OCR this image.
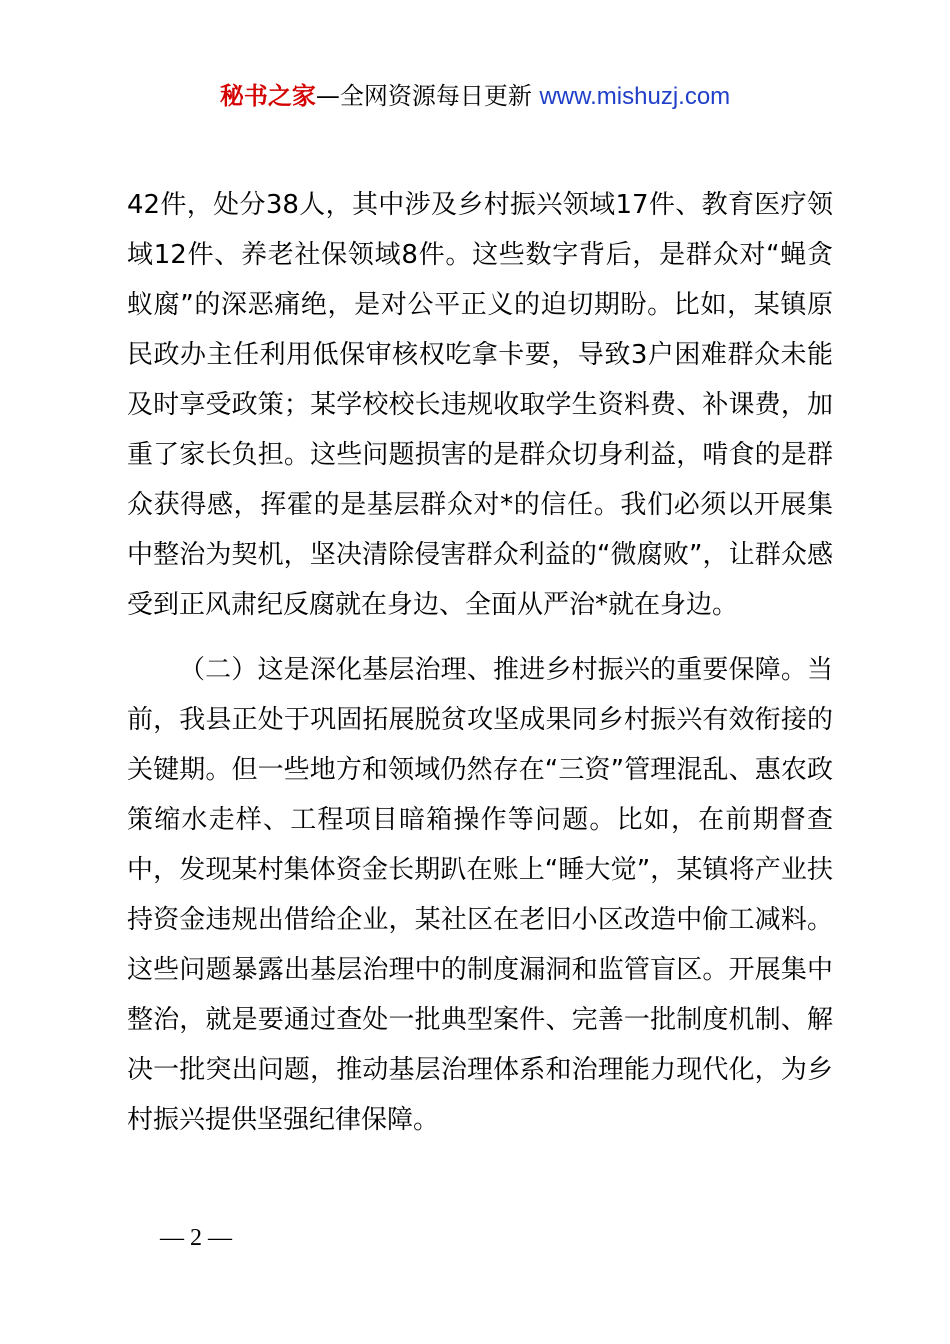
秘书之家—全网资源每日更新 www.mishuzj.com

42件，处分38人，其中涉及乡村振兴领域17件、教育医疗领域12件、养老社保领域8件。这些数字背后，是群众对“蝇贪蚁腐”的深恶痛绝，是对公平正义的迫切期盼。比如，某镇原民政办主任利用低保审核权吃拿卡要，导致3户困难群众未能及时享受政策；某学校校长违规收取学生资料费、补课费，加重了家长负担。这些问题损害的是群众切身利益，啃食的是群众获得感，挥霍的是基层群众对*的信任。我们必须以开展集中整治为契机，坚决清除侵害群众利益的“微腐败”，让群众感受到正风肃纪反腐就在身边、全面从严治*就在身边。

（二）这是深化基层治理、推进乡村振兴的重要保障。当前，我县正处于巩固拓展脱贫攻坚成果同乡村振兴有效衔接的关键期。但一些地方和领域仍然存在“三资”管理混乱、惠农政策缩水走样、工程项目暗箱操作等问题。比如，在前期督查中，发现某村集体资金长期趴在账上“睡大觉”，某镇将产业扶持资金违规出借给企业，某社区在老旧小区改造中偷工减料。这些问题暴露出基层治理中的制度漏洞和监管盲区。开展集中整治，就是要通过查处一批典型案件、完善一批制度机制、解决一批突出问题，推动基层治理体系和治理能力现代化，为乡村振兴提供坚强纪律保障。

— 2 —
